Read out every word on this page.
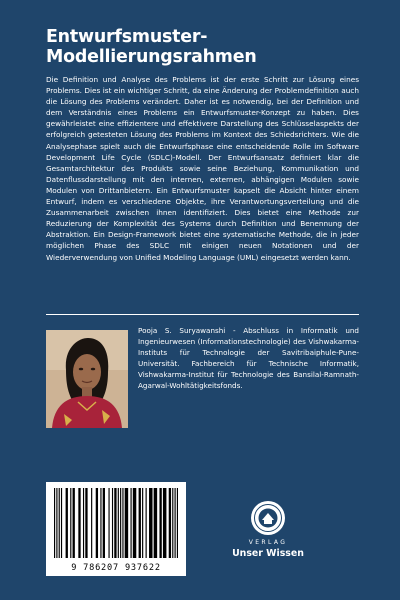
Entwurfsmuster-
Modellierungsrahmen

Die Definition und Analyse des Problems ist der erste Schritt zur Lösung eines Problems. Dies ist ein wichtiger Schritt, da eine Änderung der Problemdefinition auch die Lösung des Problems verändert. Daher ist es notwendig, bei der Definition und dem Verständnis eines Problems ein Entwurfsmuster-Konzept zu haben. Dies gewährleistet eine effizientere und effektivere Darstellung des Schlüsselaspekts der erfolgreich getesteten Lösung des Problems im Kontext des Schiedsrichters. Wie die Analysephase spielt auch die Entwurfsphase eine entscheidende Rolle im Software Development Life Cycle (SDLC)-Modell. Der Entwurfsansatz definiert klar die Gesamtarchitektur des Produkts sowie seine Beziehung, Kommunikation und Datenflussdarstellung mit den internen, externen, abhängigen Modulen sowie Modulen von Drittanbietern. Ein Entwurfsmuster kapselt die Absicht hinter einem Entwurf, indem es verschiedene Objekte, ihre Verantwortungsverteilung und die Zusammenarbeit zwischen ihnen identifiziert. Dies bietet eine Methode zur Reduzierung der Komplexität des Systems durch Definition und Benennung der Abstraktion. Ein Design-Framework bietet eine systematische Methode, die in jeder möglichen Phase des SDLC mit einigen neuen Notationen und der Wiederverwendung von Unified Modeling Language (UML) eingesetzt werden kann.

Pooja S. Suryawanshi - Abschluss in Informatik und Ingenieurwesen (Informationstechnologie) des Vishwakarma-Instituts für Technologie der Savitribaiphule-Pune-Universität. Fachbereich für Technische Informatik, Vishwakarma-Institut für Technologie des Bansilal-Ramnath-Agarwal-Wohltätigkeitsfonds.

9 786207 937622
VERLAG
Unser Wissen
